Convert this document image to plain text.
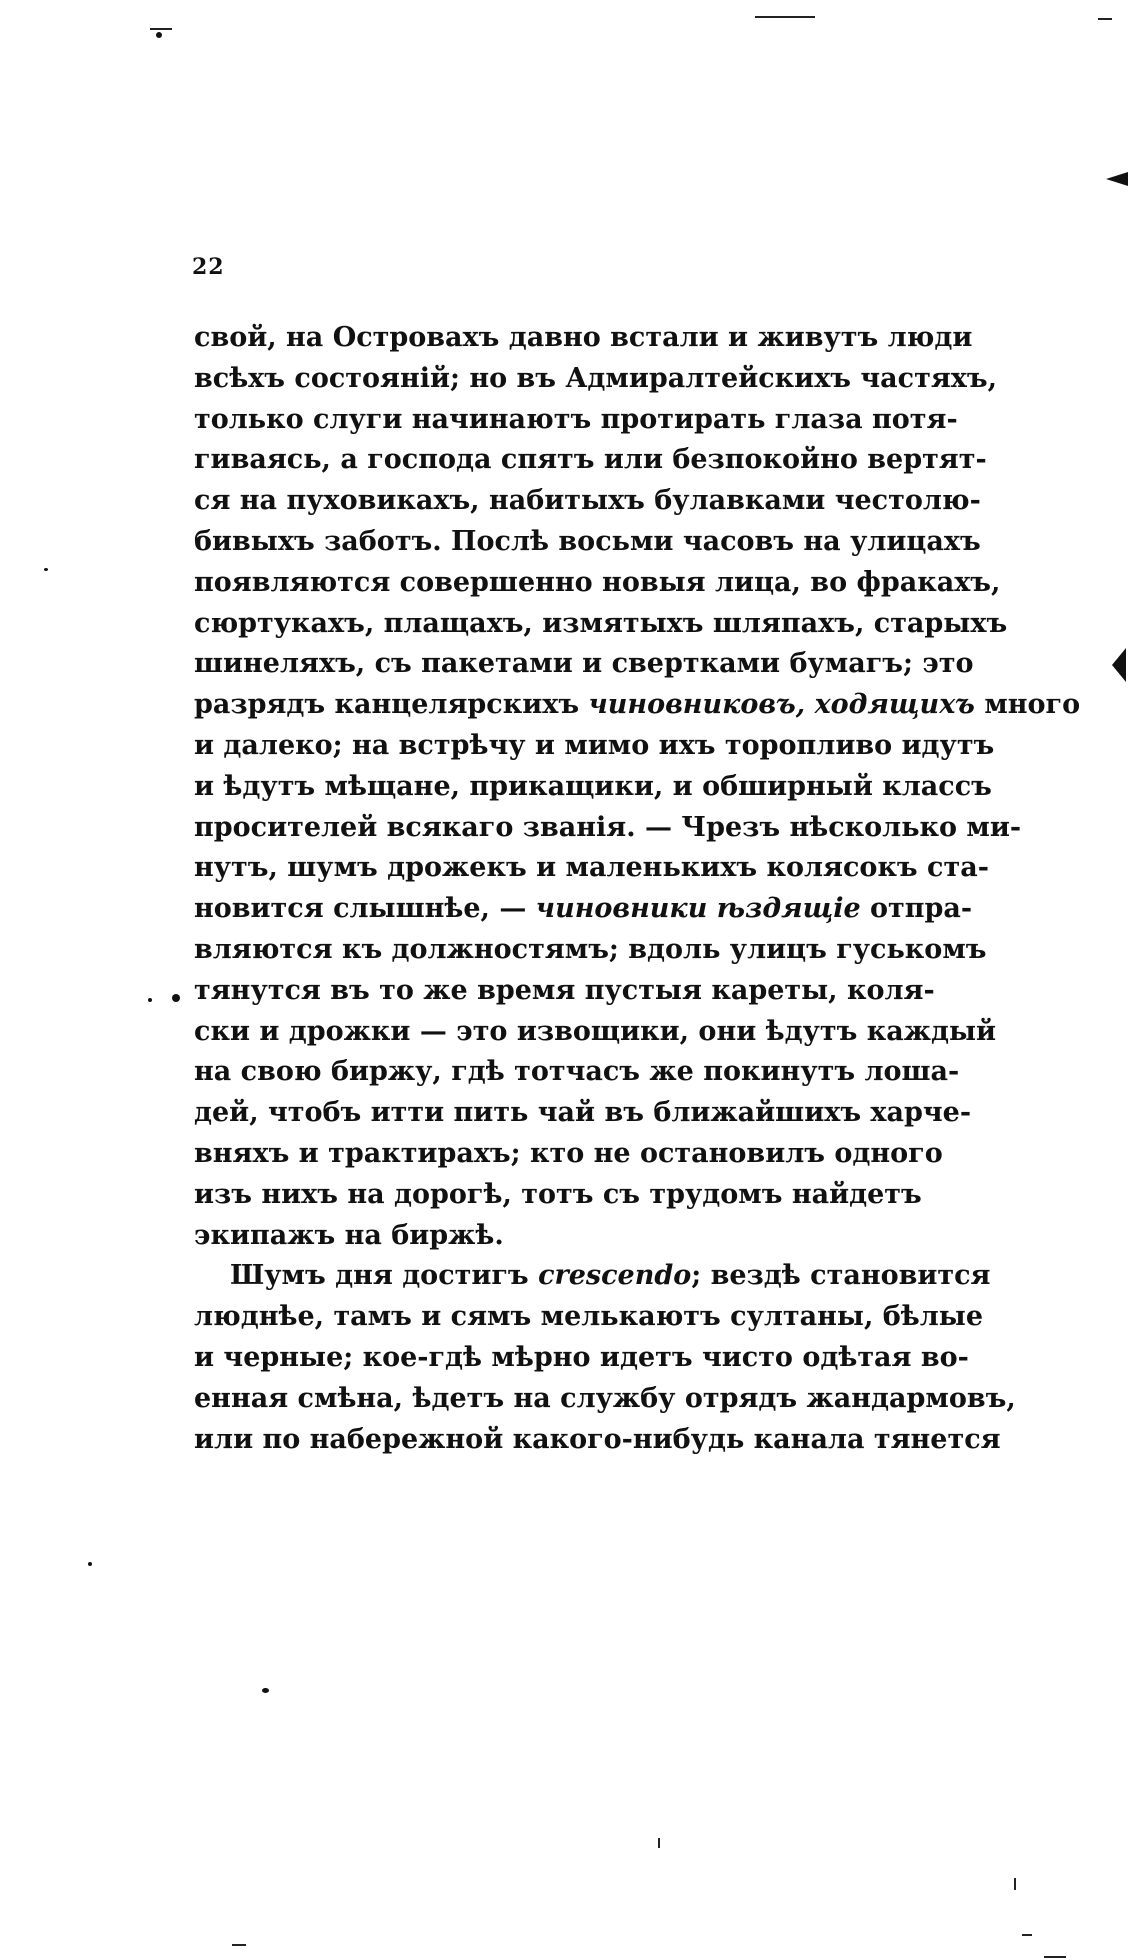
22
свой, на Островахъ давно встали и живутъ люди
всѣхъ состояній; но въ Адмиралтейскихъ частяхъ,
только слуги начинаютъ протирать глаза потя-
гиваясь, а господа спятъ или безпокойно вертят-
ся на пуховикахъ, набитыхъ булавками честолю-
бивыхъ заботъ. Послѣ восьми часовъ на улицахъ
появляются совершенно новыя лица, во фракахъ,
сюртукахъ, плащахъ, измятыхъ шляпахъ, старыхъ
шинеляхъ, съ пакетами и свертками бумагъ; это
разрядъ канцелярскихъ чиновниковъ, ходящихъ много
и далеко; на встрѣчу и мимо ихъ торопливо идутъ
и ѣдутъ мѣщане, прикащики, и обширный классъ
просителей всякаго званія. — Чрезъ нѣсколько ми-
нутъ, шумъ дрожекъ и маленькихъ колясокъ ста-
новится слышнѣе, — чиновники ѣздящіе отпра-
вляются къ должностямъ; вдоль улицъ гуськомъ
тянутся въ то же время пустыя кареты, коля-
ски и дрожки — это извощики, они ѣдутъ каждый
на свою биржу, гдѣ тотчасъ же покинутъ лоша-
дей, чтобъ итти пить чай въ ближайшихъ харче-
вняхъ и трактирахъ; кто не остановилъ одного
изъ нихъ на дорогѣ, тотъ съ трудомъ найдетъ
экипажъ на биржѣ.
Шумъ дня достигъ crescendo; вездѣ становится
люднѣе, тамъ и сямъ мелькаютъ султаны, бѣлые
и черные; кое-гдѣ мѣрно идетъ чисто одѣтая во-
енная смѣна, ѣдетъ на службу отрядъ жандармовъ,
или по набережной какого-нибудь канала тянется
